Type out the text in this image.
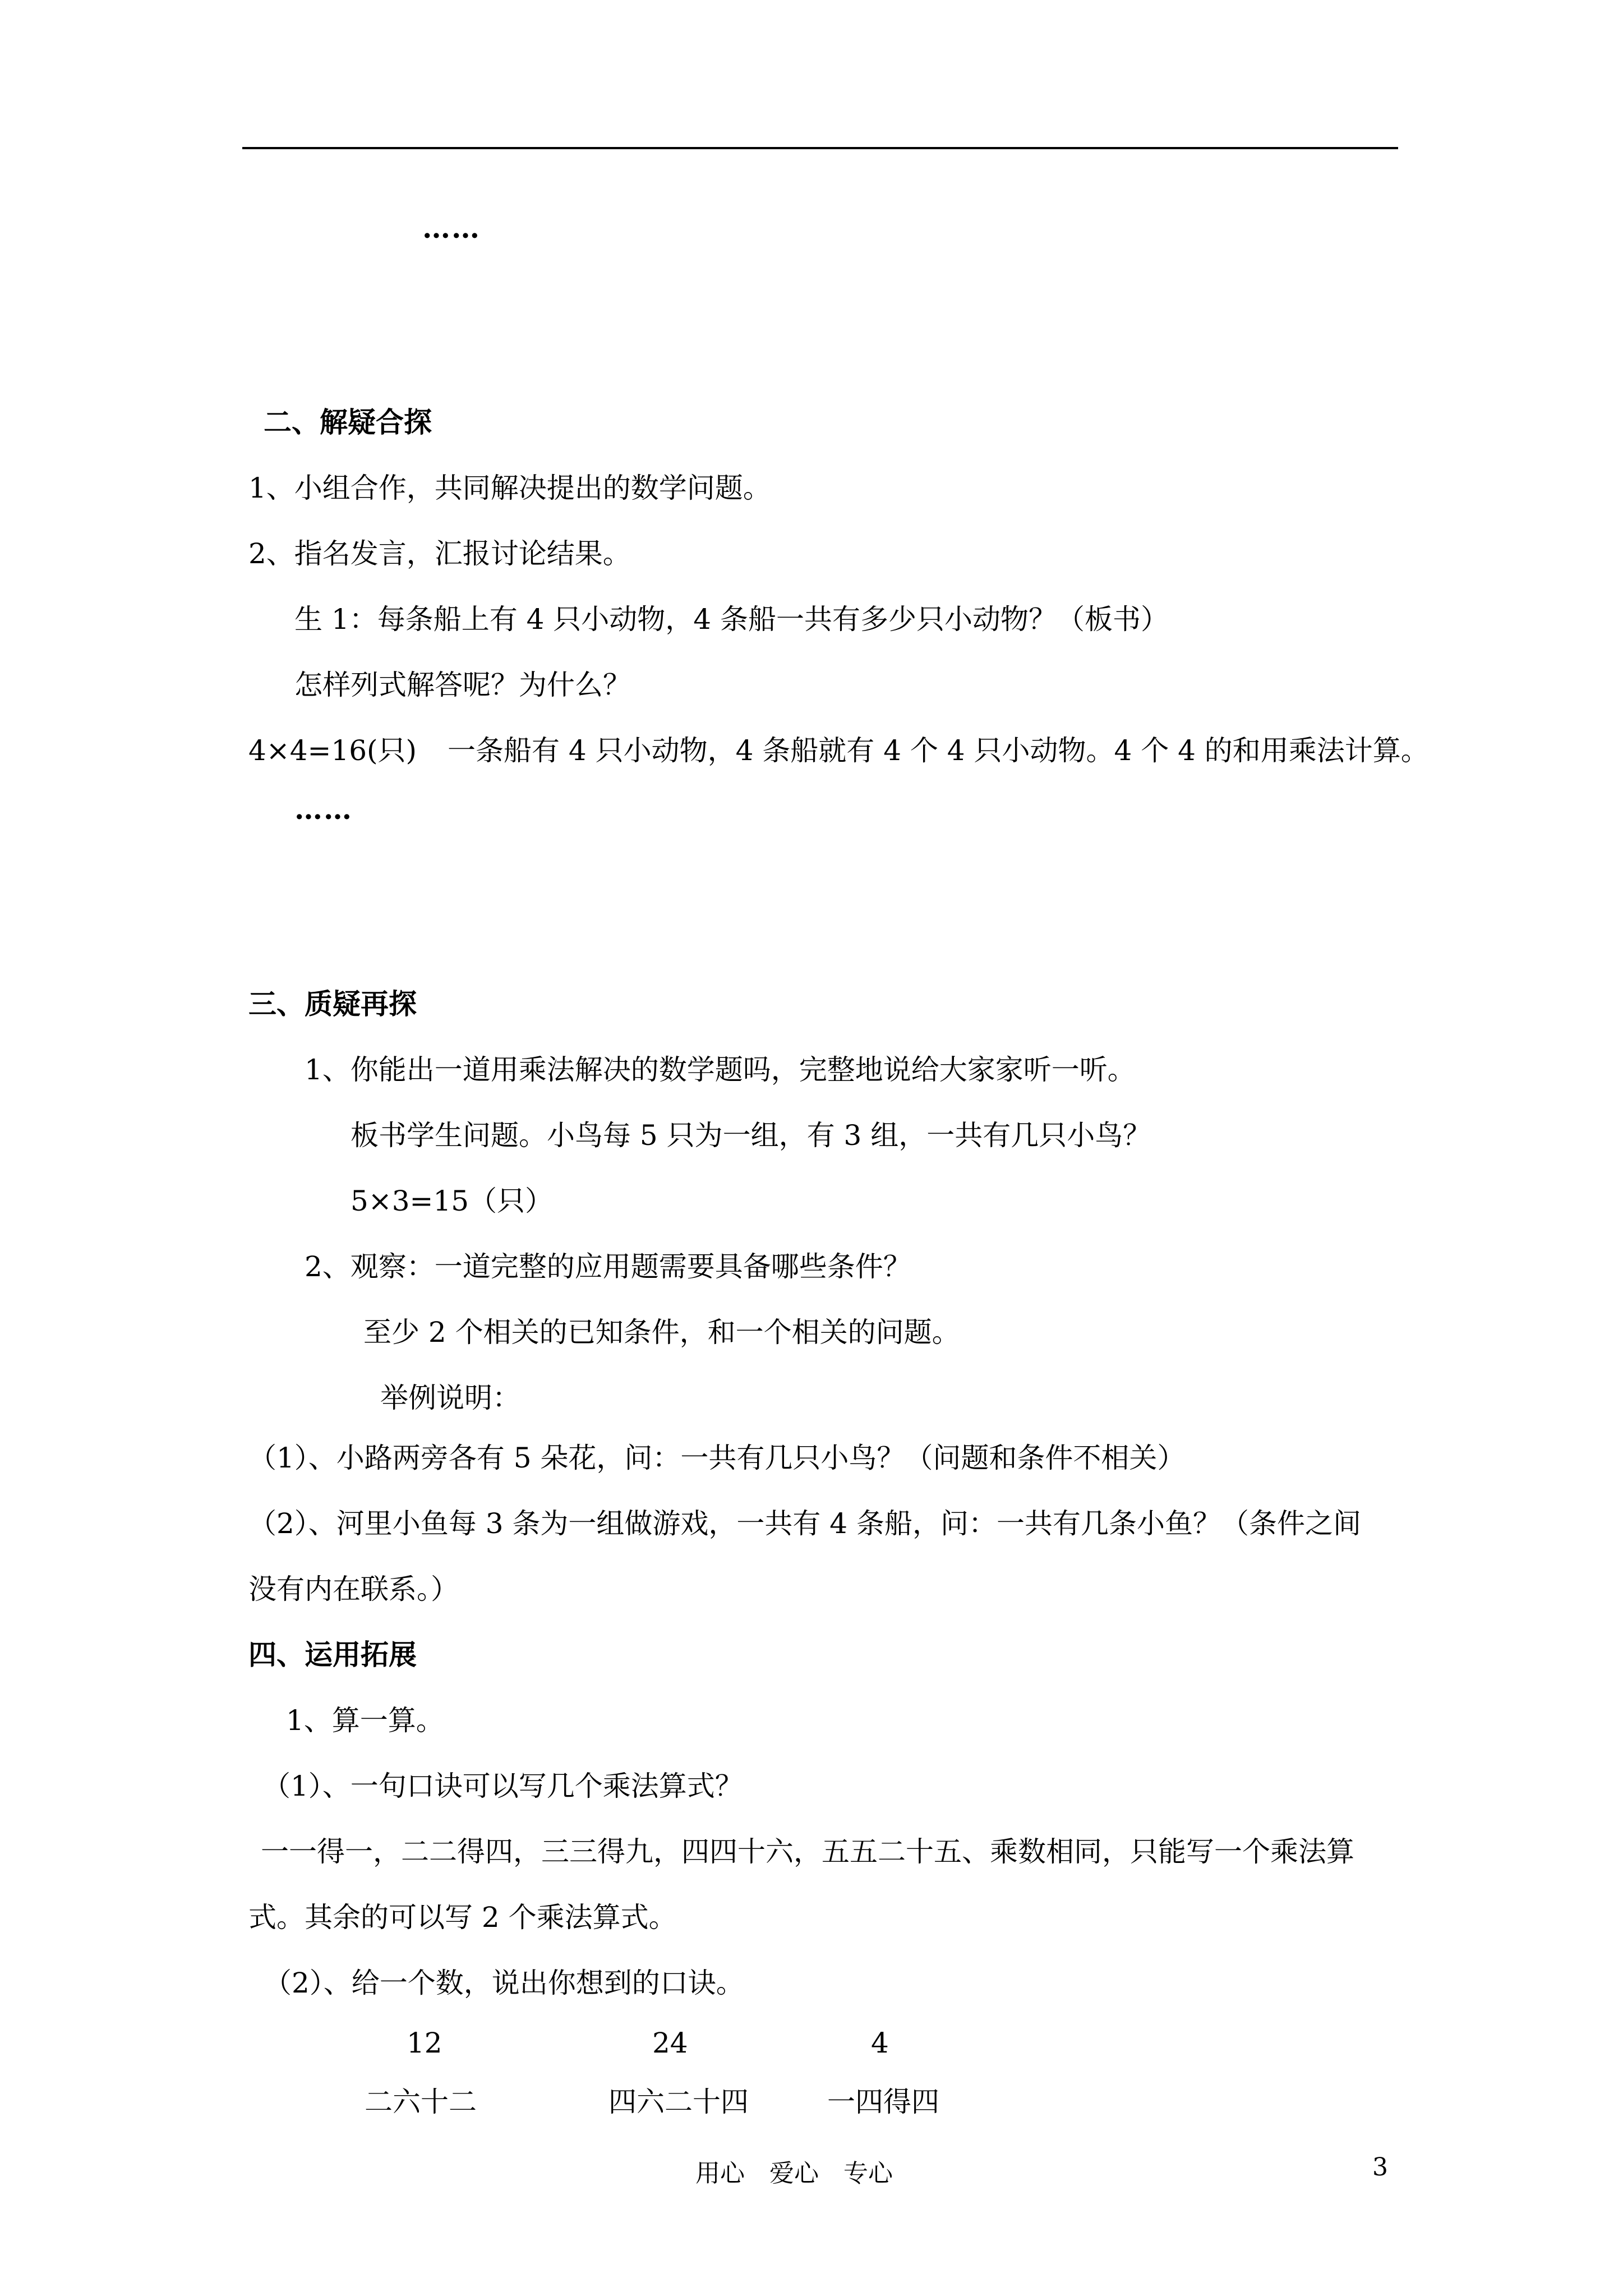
……
二、解疑合探
1、小组合作，共同解决提出的数学问题。
2、指名发言，汇报讨论结果。
生 1：每条船上有 4 只小动物，4 条船一共有多少只小动物？（板书）
怎样列式解答呢？为什么？
4×4=16(只) 一条船有 4 只小动物，4 条船就有 4 个 4 只小动物。4 个 4 的和用乘法计算。
……
三、质疑再探
1、你能出一道用乘法解决的数学题吗，完整地说给大家家听一听。
板书学生问题。小鸟每 5 只为一组，有 3 组，一共有几只小鸟？
5×3=15（只）
2、观察：一道完整的应用题需要具备哪些条件？
至少 2 个相关的已知条件，和一个相关的问题。
举例说明：
（1）、小路两旁各有 5 朵花，问：一共有几只小鸟？（问题和条件不相关）
（2）、河里小鱼每 3 条为一组做游戏，一共有 4 条船，问：一共有几条小鱼？（条件之间
没有内在联系。）
四、运用拓展
1、算一算。
（1）、一句口诀可以写几个乘法算式？
一一得一，二二得四，三三得九，四四十六，五五二十五、乘数相同，只能写一个乘法算
式。其余的可以写 2 个乘法算式。
（2）、给一个数，说出你想到的口诀。
12	24	4
二六十二	四六二十四	一四得四
用心　爱心　专心	3
